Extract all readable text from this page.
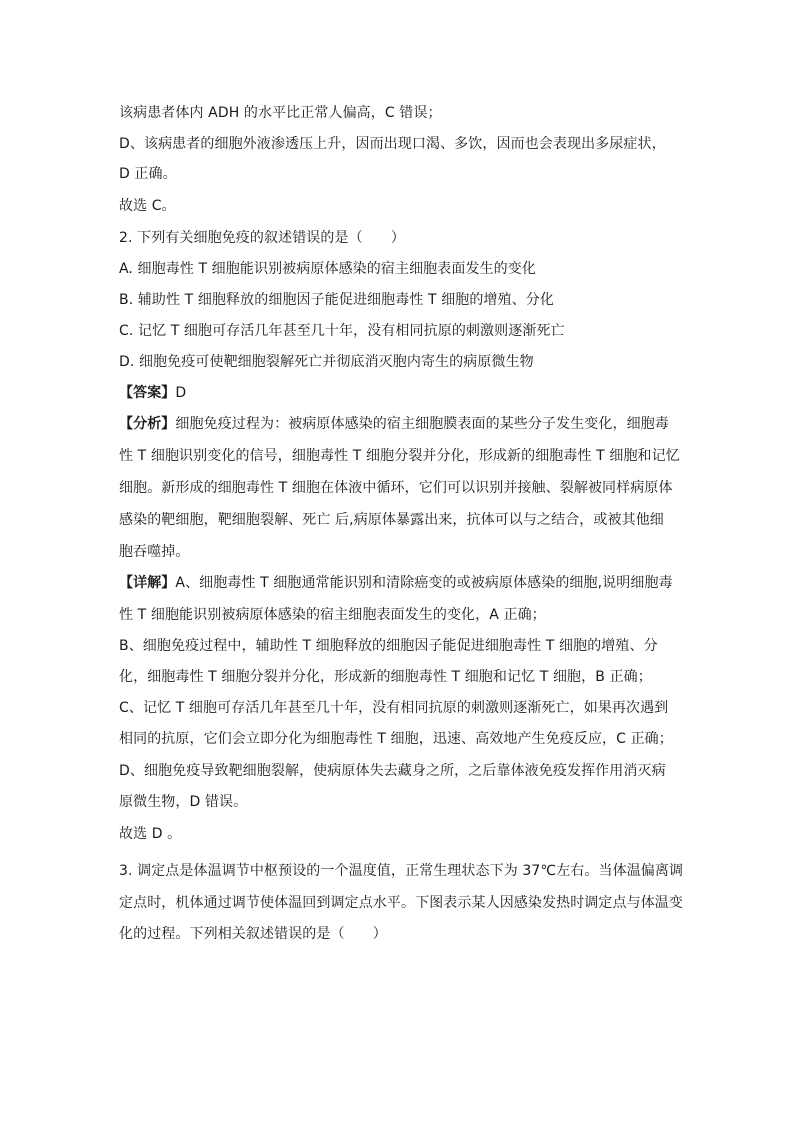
该病患者体内 ADH 的水平比正常人偏高，C 错误；
D、该病患者的细胞外液渗透压上升，因而出现口渴、多饮，因而也会表现出多尿症状，
D 正确。
故选 C。
2. 下列有关细胞免疫的叙述错误的是（　　）
A. 细胞毒性 T 细胞能识别被病原体感染的宿主细胞表面发生的变化
B. 辅助性 T 细胞释放的细胞因子能促进细胞毒性 T 细胞的增殖、分化
C. 记忆 T 细胞可存活几年甚至几十年，没有相同抗原的刺激则逐渐死亡
D. 细胞免疫可使靶细胞裂解死亡并彻底消灭胞内寄生的病原微生物
【答案】D
【分析】细胞免疫过程为：被病原体感染的宿主细胞膜表面的某些分子发生变化，细胞毒
性 T 细胞识别变化的信号，细胞毒性 T 细胞分裂并分化，形成新的细胞毒性 T 细胞和记忆
细胞。新形成的细胞毒性 T 细胞在体液中循环，它们可以识别并接触、裂解被同样病原体
感染的靶细胞，靶细胞裂解、死亡 后,病原体暴露出来，抗体可以与之结合，或被其他细
胞吞噬掉。
【详解】A、细胞毒性 T 细胞通常能识别和清除癌变的或被病原体感染的细胞,说明细胞毒
性 T 细胞能识别被病原体感染的宿主细胞表面发生的变化，A 正确；
B、细胞免疫过程中，辅助性 T 细胞释放的细胞因子能促进细胞毒性 T 细胞的增殖、分
化，细胞毒性 T 细胞分裂并分化，形成新的细胞毒性 T 细胞和记忆 T 细胞，B 正确；
C、记忆 T 细胞可存活几年甚至几十年，没有相同抗原的刺激则逐渐死亡，如果再次遇到
相同的抗原，它们会立即分化为细胞毒性 T 细胞，迅速、高效地产生免疫反应，C 正确；
D、细胞免疫导致靶细胞裂解，使病原体失去藏身之所，之后靠体液免疫发挥作用消灭病
原微生物，D 错误。
故选 D 。
3. 调定点是体温调节中枢预设的一个温度值，正常生理状态下为 37℃左右。当体温偏离调
定点时，机体通过调节使体温回到调定点水平。下图表示某人因感染发热时调定点与体温变
化的过程。下列相关叙述错误的是（　　）
